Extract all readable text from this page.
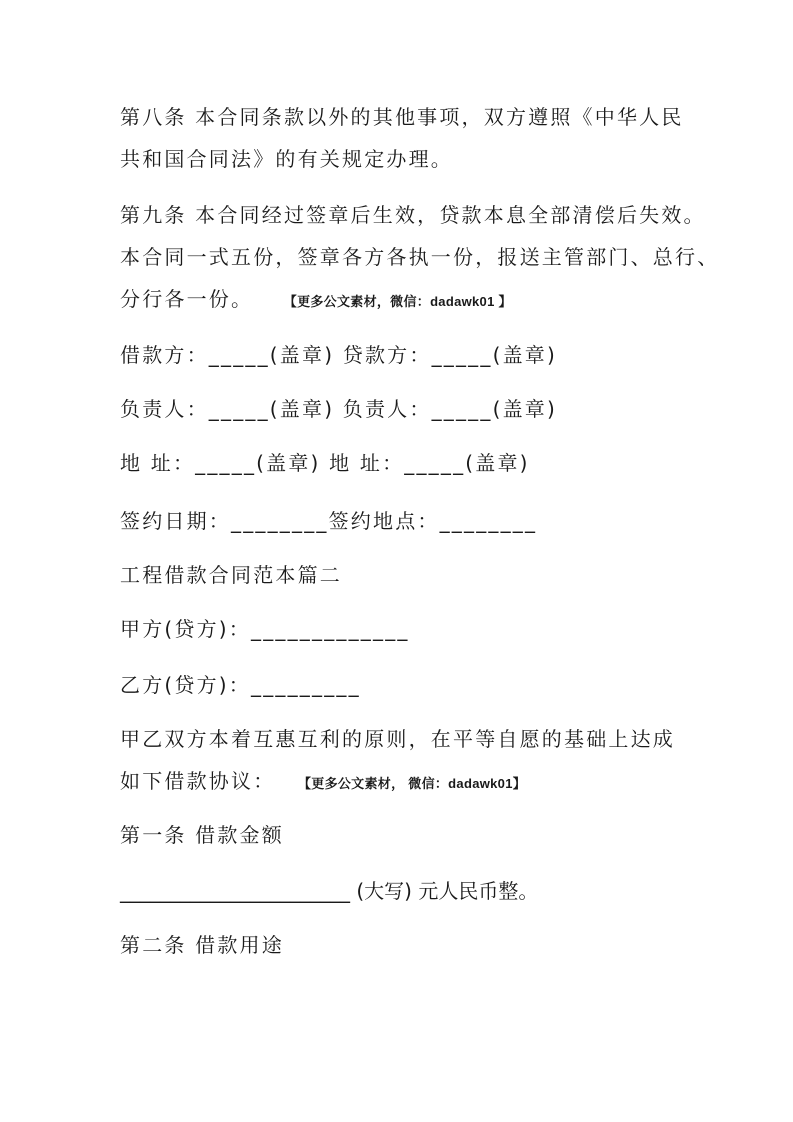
第八条 本合同条款以外的其他事项，双方遵照《中华人民
共和国合同法》的有关规定办理。
第九条 本合同经过签章后生效，贷款本息全部清偿后失效。
本合同一式五份，签章各方各执一份，报送主管部门、总行、
分行各一份。 【更多公文素材，微信：dadawk01 】
借款方：_____(盖章) 贷款方：_____(盖章)
负责人：_____(盖章) 负责人：_____(盖章)
地 址：_____(盖章) 地 址：_____(盖章)
签约日期：________签约地点：________
工程借款合同范本篇二
甲方(贷方)：_____________
乙方(贷方)：_________
甲乙双方本着互惠互利的原则，在平等自愿的基础上达成
如下借款协议： 【更多公文素材， 微信：dadawk01】
第一条 借款金额
_______________________ (大写) 元人民币整。
第二条 借款用途
